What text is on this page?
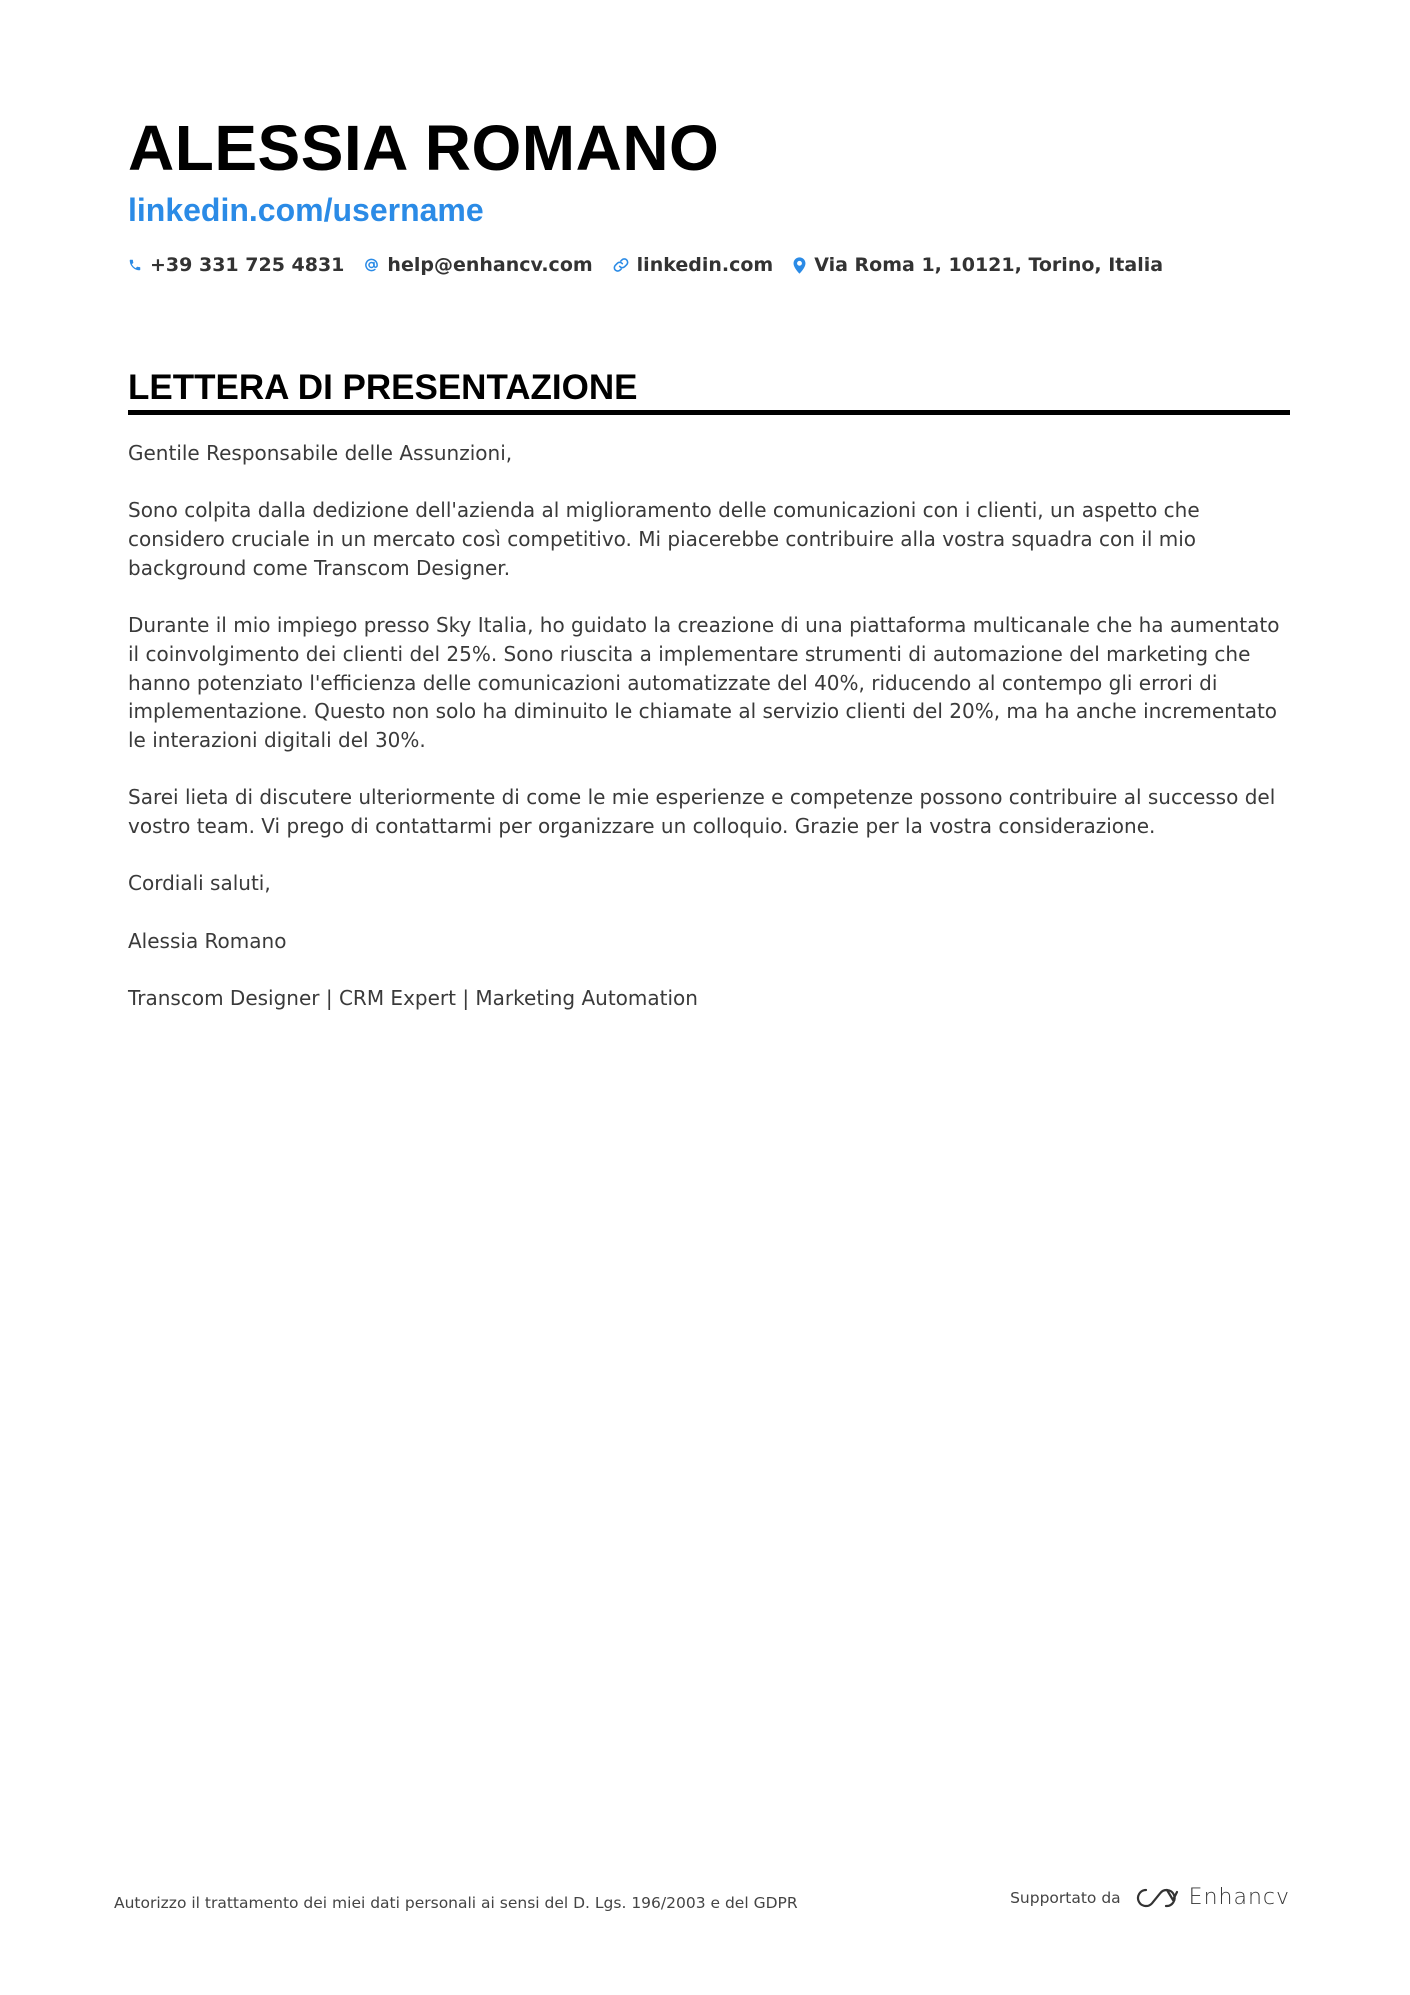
ALESSIA ROMANO
linkedin.com/username
+39 331 725 4831 help@enhancv.com linkedin.com Via Roma 1, 10121, Torino, Italia
LETTERA DI PRESENTAZIONE

Gentile Responsabile delle Assunzioni,

Sono colpita dalla dedizione dell'azienda al miglioramento delle comunicazioni con i clienti, un aspetto che considero cruciale in un mercato così competitivo. Mi piacerebbe contribuire alla vostra squadra con il mio background come Transcom Designer.

Durante il mio impiego presso Sky Italia, ho guidato la creazione di una piattaforma multicanale che ha aumentato il coinvolgimento dei clienti del 25%. Sono riuscita a implementare strumenti di automazione del marketing che hanno potenziato l'efficienza delle comunicazioni automatizzate del 40%, riducendo al contempo gli errori di implementazione. Questo non solo ha diminuito le chiamate al servizio clienti del 20%, ma ha anche incrementato le interazioni digitali del 30%.

Sarei lieta di discutere ulteriormente di come le mie esperienze e competenze possono contribuire al successo del vostro team. Vi prego di contattarmi per organizzare un colloquio. Grazie per la vostra considerazione.

Cordiali saluti,

Alessia Romano

Transcom Designer | CRM Expert | Marketing Automation

Autorizzo il trattamento dei miei dati personali ai sensi del D. Lgs. 196/2003 e del GDPR	Supportato da	Enhancv
